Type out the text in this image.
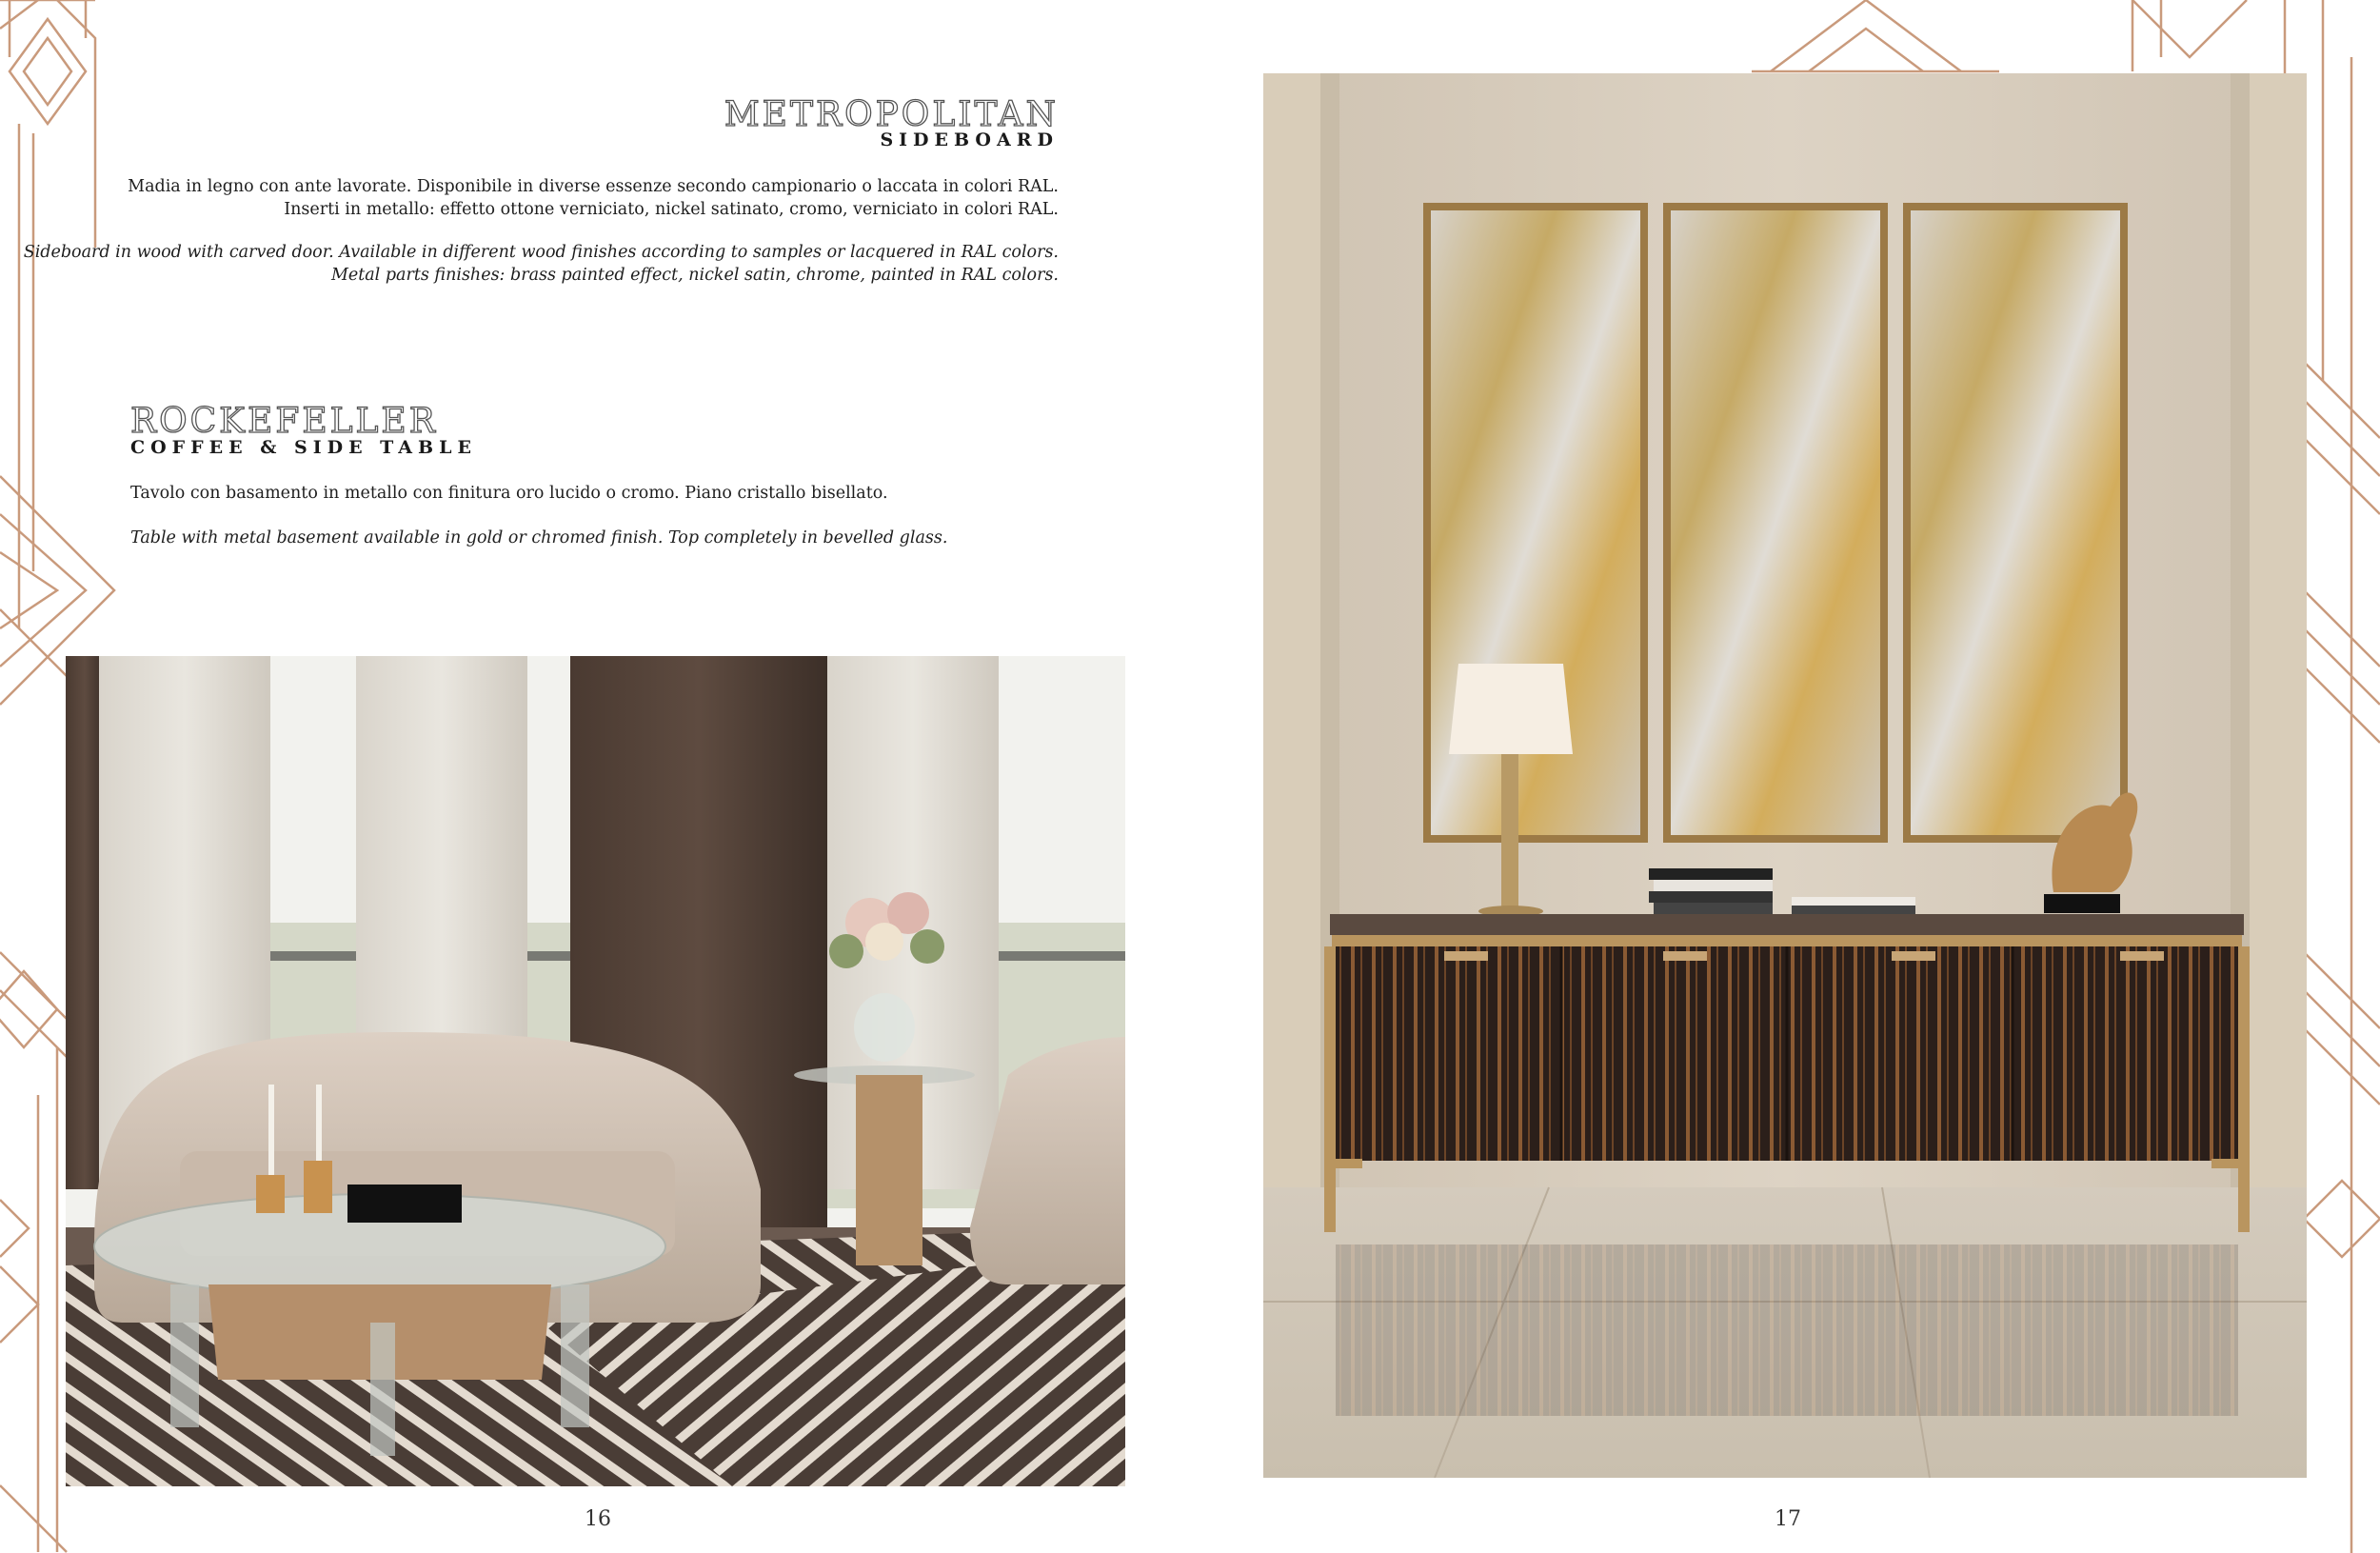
METROPOLITAN
SIDEBOARD

Madia in legno con ante lavorate. Disponibile in diverse essenze secondo campionario o laccata in colori RAL.
Inserti in metallo: effetto ottone verniciato, nickel satinato, cromo, verniciato in colori RAL.

Sideboard in wood with carved door. Available in different wood finishes according to samples or lacquered in RAL colors.
Metal parts finishes: brass painted effect, nickel satin, chrome, painted in RAL colors.

ROCKEFELLER
COFFEE & SIDE TABLE

Tavolo con basamento in metallo con finitura oro lucido o cromo. Piano cristallo bisellato.

Table with metal basement available in gold or chromed finish. Top completely in bevelled glass.

16	17
